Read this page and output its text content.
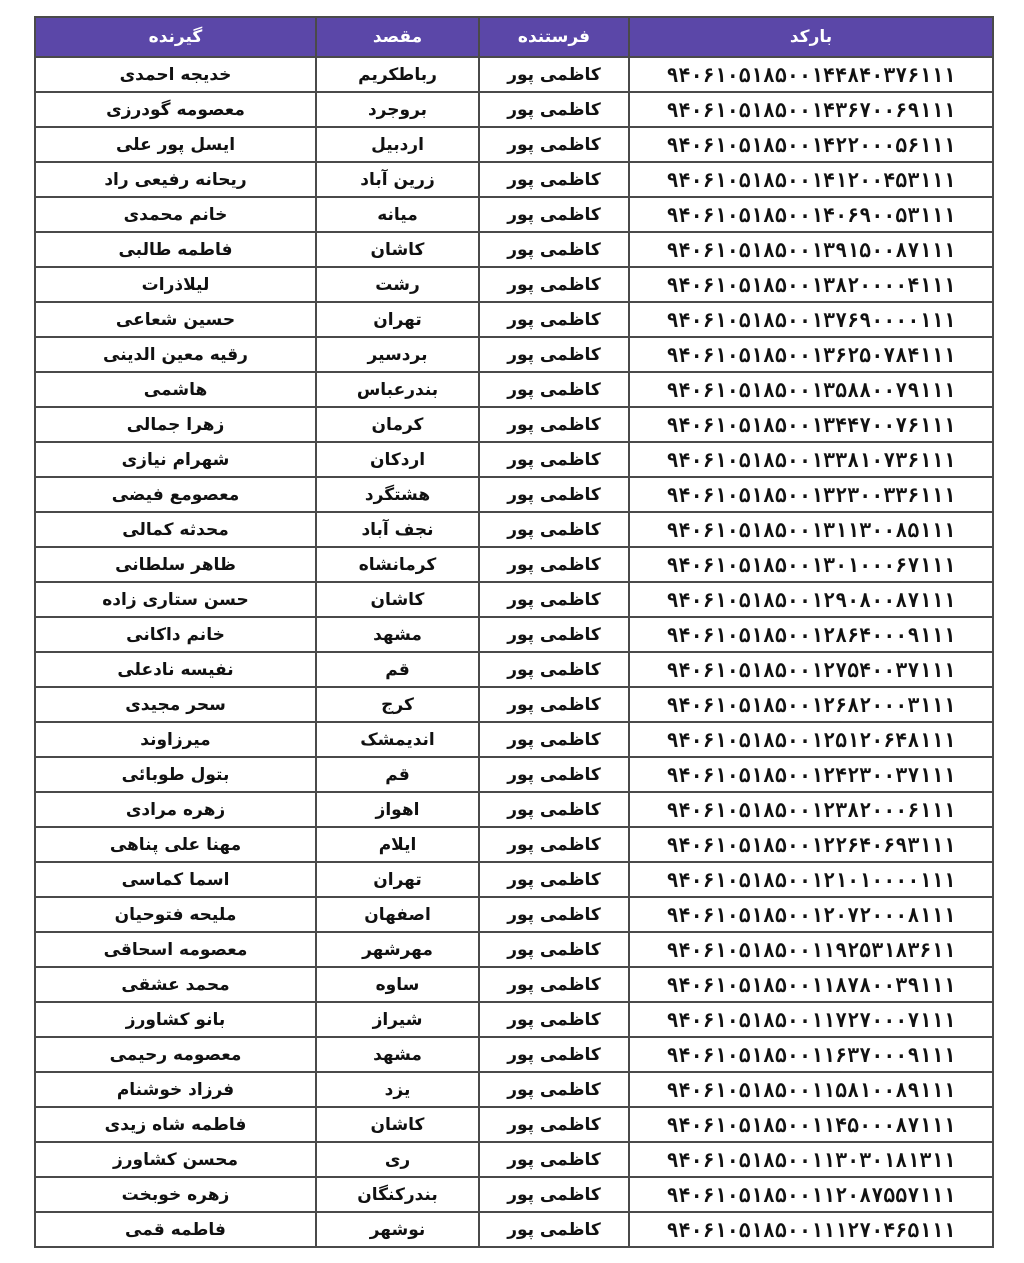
گیرنده	مقصد	فرستنده	بارکد
خدیجه احمدی	رباطکریم	کاظمی پور	۹۴۰۶۱۰۵۱۸۵۰۰۱۴۴۸۴۰۳۷۶۱۱۱
معصومه گودرزی	بروجرد	کاظمی پور	۹۴۰۶۱۰۵۱۸۵۰۰۱۴۳۶۷۰۰۶۹۱۱۱
ایسل پور علی	اردبیل	کاظمی پور	۹۴۰۶۱۰۵۱۸۵۰۰۱۴۲۲۰۰۰۵۶۱۱۱
ریحانه رفیعی راد	زرین آباد	کاظمی پور	۹۴۰۶۱۰۵۱۸۵۰۰۱۴۱۲۰۰۴۵۳۱۱۱
خانم محمدی	میانه	کاظمی پور	۹۴۰۶۱۰۵۱۸۵۰۰۱۴۰۶۹۰۰۵۳۱۱۱
فاطمه طالبی	کاشان	کاظمی پور	۹۴۰۶۱۰۵۱۸۵۰۰۱۳۹۱۵۰۰۸۷۱۱۱
لیلاذرات	رشت	کاظمی پور	۹۴۰۶۱۰۵۱۸۵۰۰۱۳۸۲۰۰۰۰۴۱۱۱
حسین شعاعی	تهران	کاظمی پور	۹۴۰۶۱۰۵۱۸۵۰۰۱۳۷۶۹۰۰۰۰۱۱۱
رقیه معین الدینی	بردسیر	کاظمی پور	۹۴۰۶۱۰۵۱۸۵۰۰۱۳۶۲۵۰۷۸۴۱۱۱
هاشمی	بندرعباس	کاظمی پور	۹۴۰۶۱۰۵۱۸۵۰۰۱۳۵۸۸۰۰۷۹۱۱۱
زهرا جمالی	کرمان	کاظمی پور	۹۴۰۶۱۰۵۱۸۵۰۰۱۳۴۴۷۰۰۷۶۱۱۱
شهرام نیازی	اردکان	کاظمی پور	۹۴۰۶۱۰۵۱۸۵۰۰۱۳۳۸۱۰۷۳۶۱۱۱
معصومع فیضی	هشتگرد	کاظمی پور	۹۴۰۶۱۰۵۱۸۵۰۰۱۳۲۳۰۰۳۳۶۱۱۱
محدثه کمالی	نجف آباد	کاظمی پور	۹۴۰۶۱۰۵۱۸۵۰۰۱۳۱۱۳۰۰۸۵۱۱۱
ظاهر سلطانی	کرمانشاه	کاظمی پور	۹۴۰۶۱۰۵۱۸۵۰۰۱۳۰۱۰۰۰۶۷۱۱۱
حسن ستاری زاده	کاشان	کاظمی پور	۹۴۰۶۱۰۵۱۸۵۰۰۱۲۹۰۸۰۰۸۷۱۱۱
خانم داکانی	مشهد	کاظمی پور	۹۴۰۶۱۰۵۱۸۵۰۰۱۲۸۶۴۰۰۰۹۱۱۱
نفیسه نادعلی	قم	کاظمی پور	۹۴۰۶۱۰۵۱۸۵۰۰۱۲۷۵۴۰۰۳۷۱۱۱
سحر مجیدی	کرج	کاظمی پور	۹۴۰۶۱۰۵۱۸۵۰۰۱۲۶۸۲۰۰۰۳۱۱۱
میرزاوند	اندیمشک	کاظمی پور	۹۴۰۶۱۰۵۱۸۵۰۰۱۲۵۱۲۰۶۴۸۱۱۱
بتول طوبائی	قم	کاظمی پور	۹۴۰۶۱۰۵۱۸۵۰۰۱۲۴۲۳۰۰۳۷۱۱۱
زهره مرادی	اهواز	کاظمی پور	۹۴۰۶۱۰۵۱۸۵۰۰۱۲۳۸۲۰۰۰۶۱۱۱
مهنا علی پناهی	ایلام	کاظمی پور	۹۴۰۶۱۰۵۱۸۵۰۰۱۲۲۶۴۰۶۹۳۱۱۱
اسما کماسی	تهران	کاظمی پور	۹۴۰۶۱۰۵۱۸۵۰۰۱۲۱۰۱۰۰۰۰۱۱۱
ملیحه فتوحیان	اصفهان	کاظمی پور	۹۴۰۶۱۰۵۱۸۵۰۰۱۲۰۷۲۰۰۰۸۱۱۱
معصومه اسحاقی	مهرشهر	کاظمی پور	۹۴۰۶۱۰۵۱۸۵۰۰۱۱۹۲۵۳۱۸۳۶۱۱
محمد عشقی	ساوه	کاظمی پور	۹۴۰۶۱۰۵۱۸۵۰۰۱۱۸۷۸۰۰۳۹۱۱۱
بانو کشاورز	شیراز	کاظمی پور	۹۴۰۶۱۰۵۱۸۵۰۰۱۱۷۲۷۰۰۰۷۱۱۱
معصومه رحیمی	مشهد	کاظمی پور	۹۴۰۶۱۰۵۱۸۵۰۰۱۱۶۳۷۰۰۰۹۱۱۱
فرزاد خوشنام	یزد	کاظمی پور	۹۴۰۶۱۰۵۱۸۵۰۰۱۱۵۸۱۰۰۸۹۱۱۱
فاطمه شاه زیدی	کاشان	کاظمی پور	۹۴۰۶۱۰۵۱۸۵۰۰۱۱۴۵۰۰۰۸۷۱۱۱
محسن کشاورز	ری	کاظمی پور	۹۴۰۶۱۰۵۱۸۵۰۰۱۱۳۰۳۰۱۸۱۳۱۱
زهره خوبخت	بندرکنگان	کاظمی پور	۹۴۰۶۱۰۵۱۸۵۰۰۱۱۲۰۸۷۵۵۷۱۱۱
فاطمه قمی	نوشهر	کاظمی پور	۹۴۰۶۱۰۵۱۸۵۰۰۱۱۱۲۷۰۴۶۵۱۱۱
